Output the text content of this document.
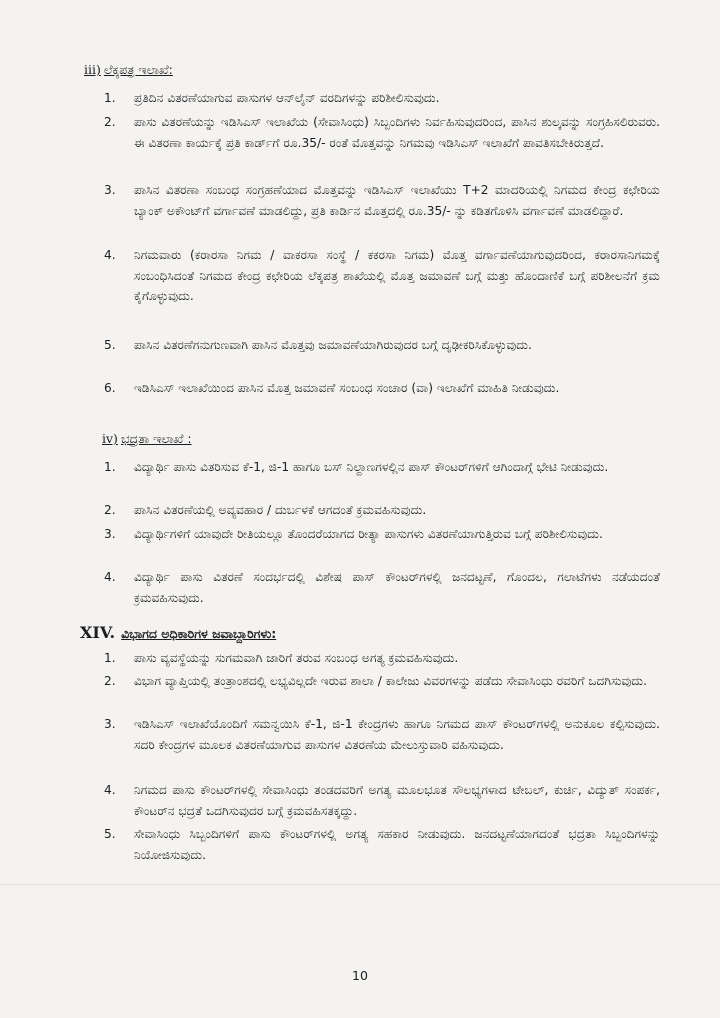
iii) ಲೆಕ್ಕಪತ್ರ ಇಲಾಖೆ:
1.	ಪ್ರತಿದಿನ ವಿತರಣೆಯಾಗುವ ಪಾಸುಗಳ ಆನ್‌ಲೈನ್ ವರದಿಗಳನ್ನು ಪರಿಶೀಲಿಸುವುದು.
2.	ಪಾಸು ವಿತರಣೆಯನ್ನು ಇಡಿಸಿಎಸ್ ಇಲಾಖೆಯ (ಸೇವಾಸಿಂಧು) ಸಿಬ್ಬಂದಿಗಳು ನಿರ್ವಹಿಸುವುದರಿಂದ, ಪಾಸಿನ ಶುಲ್ಕವನ್ನು ಸಂಗ್ರಹಿಸಲಿರುವರು. ಈ ವಿತರಣಾ ಕಾರ್ಯಕ್ಕೆ ಪ್ರತಿ ಕಾರ್ಡ್‌ಗೆ ರೂ.35/- ರಂತೆ ಮೊತ್ತವನ್ನು ನಿಗಮವು ಇಡಿಸಿಎಸ್ ಇಲಾಖೆಗೆ ಪಾವತಿಸಬೇಕಿರುತ್ತದೆ.
3.	ಪಾಸಿನ ವಿತರಣಾ ಸಂಬಂಧ ಸಂಗ್ರಹಣೆಯಾದ ಮೊತ್ತವನ್ನು ಇಡಿಸಿಎಸ್ ಇಲಾಖೆಯು T+2 ಮಾದರಿಯಲ್ಲಿ ನಿಗಮದ ಕೇಂದ್ರ ಕಛೇರಿಯ ಬ್ಯಾಂಕ್ ಅಕೌಂಟ್‌ಗೆ ವರ್ಗಾವಣೆ ಮಾಡಲಿದ್ದು, ಪ್ರತಿ ಕಾರ್ಡಿನ ಮೊತ್ತದಲ್ಲಿ ರೂ.35/- ನ್ನು ಕಡಿತಗೊಳಿಸಿ ವರ್ಗಾವಣೆ ಮಾಡಲಿದ್ದಾರೆ.
4.	ನಿಗಮವಾರು (ಕರಾರಸಾ ನಿಗಮ / ವಾಕರಸಾ ಸಂಸ್ಥೆ / ಕಕರಸಾ ನಿಗಮ) ಮೊತ್ತ ವರ್ಗಾವಣೆಯಾಗುವುದರಿಂದ, ಕರಾರಸಾನಿಗಮಕ್ಕೆ ಸಂಬಂಧಿಸಿದಂತೆ ನಿಗಮದ ಕೇಂದ್ರ ಕಛೇರಿಯ ಲೆಕ್ಕಪತ್ರ ಶಾಖೆಯಲ್ಲಿ ಮೊತ್ತ ಜಮಾವಣೆ ಬಗ್ಗೆ ಮತ್ತು ಹೊಂದಾಣಿಕೆ ಬಗ್ಗೆ ಪರಿಶೀಲನೆಗೆ ಕ್ರಮ ಕೈಗೊಳ್ಳುವುದು.
5.	ಪಾಸಿನ ವಿತರಣೆಗನುಗುಣವಾಗಿ ಪಾಸಿನ ಮೊತ್ತವು ಜಮಾವಣೆಯಾಗಿರುವುದರ ಬಗ್ಗೆ ದೃಢೀಕರಿಸಿಕೊಳ್ಳುವುದು.
6.	ಇಡಿಸಿಎಸ್ ಇಲಾಖೆಯಿಂದ ಪಾಸಿನ ಮೊತ್ತ ಜಮಾವಣೆ ಸಂಬಂಧ ಸಂಚಾರ (ವಾ) ಇಲಾಖೆಗೆ ಮಾಹಿತಿ ನೀಡುವುದು.
iv) ಭದ್ರತಾ ಇಲಾಖೆ :
1.	ವಿದ್ಯಾರ್ಥಿ ಪಾಸು ವಿತರಿಸುವ ಕೆ-1, ಜಿ-1 ಹಾಗೂ ಬಸ್ ನಿಲ್ದಾಣಗಳಲ್ಲಿನ ಪಾಸ್ ಕೌಂಟರ್‌ಗಳಿಗೆ ಆಗಿಂದಾಗ್ಗೆ ಭೇಟಿ ನೀಡುವುದು.
2.	ಪಾಸಿನ ವಿತರಣೆಯಲ್ಲಿ ಅವ್ಯವಹಾರ / ದುರ್ಬಳಕೆ ಆಗದಂತೆ ಕ್ರಮವಹಿಸುವುದು.
3.	ವಿದ್ಯಾರ್ಥಿಗಳಿಗೆ ಯಾವುದೇ ರೀತಿಯಲ್ಲೂ ತೊಂದರೆಯಾಗದ ರೀತ್ಯಾ ಪಾಸುಗಳು ವಿತರಣೆಯಾಗುತ್ತಿರುವ ಬಗ್ಗೆ ಪರಿಶೀಲಿಸುವುದು.
4.	ವಿದ್ಯಾರ್ಥಿ ಪಾಸು ವಿತರಣೆ ಸಂದರ್ಭದಲ್ಲಿ ವಿಶೇಷ ಪಾಸ್ ಕೌಂಟರ್‌ಗಳಲ್ಲಿ ಜನದಟ್ಟಣೆ, ಗೊಂದಲ, ಗಲಾಟೆಗಳು ನಡೆಯದಂತೆ ಕ್ರಮವಹಿಸುವುದು.
XIV. ವಿಭಾಗದ ಅಧಿಕಾರಿಗಳ ಜವಾಬ್ದಾರಿಗಳು:
1.	ಪಾಸು ವ್ಯವಸ್ಥೆಯನ್ನು ಸುಗಮವಾಗಿ ಜಾರಿಗೆ ತರುವ ಸಂಬಂಧ ಅಗತ್ಯ ಕ್ರಮವಹಿಸುವುದು.
2.	ವಿಭಾಗ ವ್ಯಾಪ್ತಿಯಲ್ಲಿ ತಂತ್ರಾಂಶದಲ್ಲಿ ಲಭ್ಯವಿಲ್ಲದೇ ಇರುವ ಶಾಲಾ / ಕಾಲೇಜು ವಿವರಗಳನ್ನು ಪಡೆದು ಸೇವಾಸಿಂಧು ರವರಿಗೆ ಒದಗಿಸುವುದು.
3.	ಇಡಿಸಿಎಸ್ ಇಲಾಖೆಯೊಂದಿಗೆ ಸಮನ್ವಯಿಸಿ ಕೆ-1, ಜಿ-1 ಕೇಂದ್ರಗಳು ಹಾಗೂ ನಿಗಮದ ಪಾಸ್ ಕೌಂಟರ್‌ಗಳಲ್ಲಿ ಅನುಕೂಲ ಕಲ್ಪಿಸುವುದು. ಸದರಿ ಕೇಂದ್ರಗಳ ಮೂಲಕ ವಿತರಣೆಯಾಗುವ ಪಾಸುಗಳ ವಿತರಣೆಯ ಮೇಲುಸ್ತುವಾರಿ ವಹಿಸುವುದು.
4.	ನಿಗಮದ ಪಾಸು ಕೌಂಟರ್‌ಗಳಲ್ಲಿ ಸೇವಾಸಿಂಧು ತಂಡದವರಿಗೆ ಅಗತ್ಯ ಮೂಲಭೂತ ಸೌಲಭ್ಯಗಳಾದ ಟೇಬಲ್, ಕುರ್ಚಿ, ವಿದ್ಯುತ್ ಸಂಪರ್ಕ, ಕೌಂಟರ್‌ನ ಭದ್ರತೆ ಒದಗಿಸುವುದರ ಬಗ್ಗೆ ಕ್ರಮವಹಿಸತಕ್ಕದ್ದು.
5.	ಸೇವಾಸಿಂಧು ಸಿಬ್ಬಂದಿಗಳಿಗೆ ಪಾಸು ಕೌಂಟರ್‌ಗಳಲ್ಲಿ ಅಗತ್ಯ ಸಹಕಾರ ನೀಡುವುದು. ಜನದಟ್ಟಣೆಯಾಗದಂತೆ ಭದ್ರತಾ ಸಿಬ್ಬಂದಿಗಳನ್ನು ನಿಯೋಜಿಸುವುದು.
10
